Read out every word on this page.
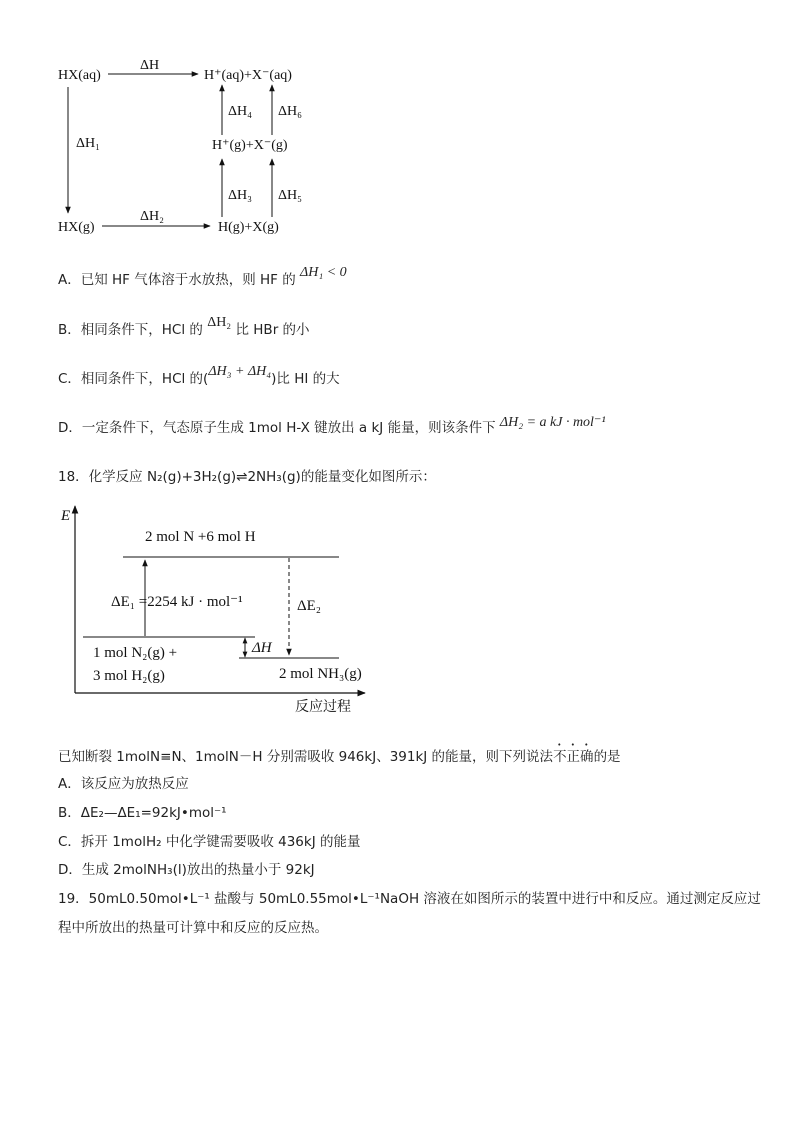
HX(aq)
ΔH
H⁺(aq)+X⁻(aq)
ΔH₁
ΔH₄ ΔH₆
H⁺(g)+X⁻(g)
ΔH₃ ΔH₅
HX(g)
ΔH₂
H(g)+X(g)
A．已知 HF 气体溶于水放热，则 HF 的 ΔH₁ < 0
B．相同条件下，HCl 的 ΔH₂ 比 HBr 的小
C．相同条件下，HCl 的(ΔH₃ + ΔH₄)比 HI 的大
D．一定条件下，气态原子生成 1mol H-X 键放出 a kJ 能量，则该条件下 ΔH₂ = a kJ · mol⁻¹
18．化学反应 N₂(g)+3H₂(g)⇌2NH₃(g)的能量变化如图所示：
E
反应过程
2 mol N +6 mol H
1 mol N₂(g) +
3 mol H₂(g)	2 mol NH₃(g)
ΔE₁ =2254 kJ · mol⁻¹	ΔE₂
ΔH
已知断裂 1molN≡N、1molN－H 分别需吸收 946kJ、391kJ 的能量，则下列说法不正确的是
A．该反应为放热反应
B．ΔE₂—ΔE₁=92kJ•mol⁻¹
C．拆开 1molH₂ 中化学键需要吸收 436kJ 的能量
D．生成 2molNH₃(l)放出的热量小于 92kJ
19．50mL0.50mol•L⁻¹ 盐酸与 50mL0.55mol•L⁻¹NaOH 溶液在如图所示的装置中进行中和反应。通过测定反应过
程中所放出的热量可计算中和反应的反应热。
